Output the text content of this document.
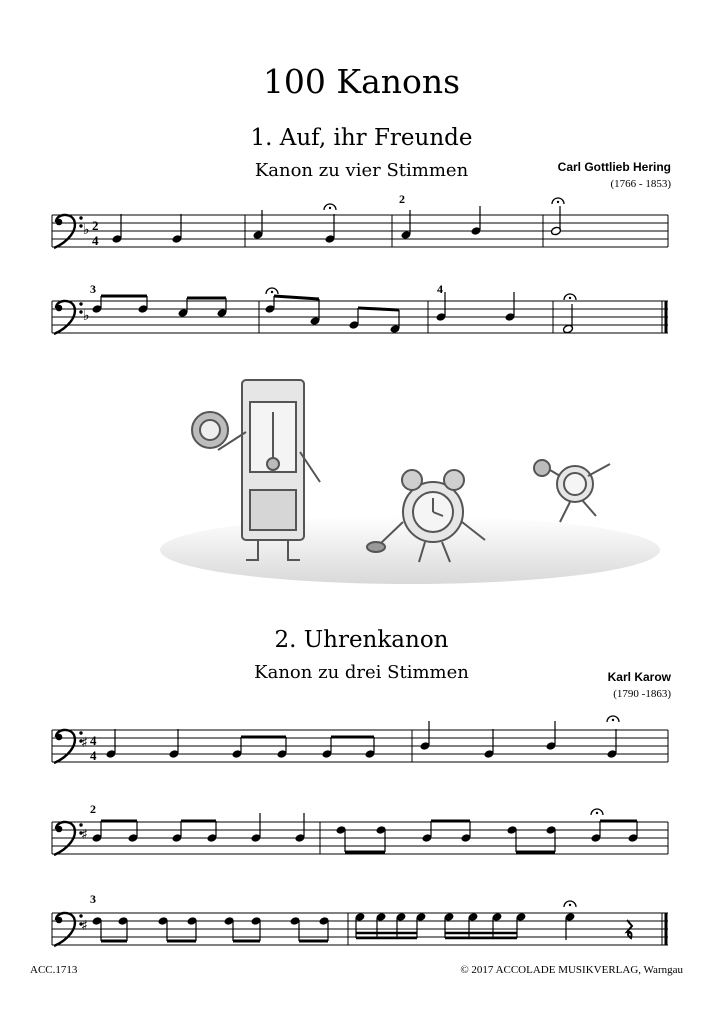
100 Kanons
1. Auf, ihr Freunde
Kanon zu vier Stimmen	Carl Gottlieb Hering
(1766 - 1853)
2. Uhrenkanon
Kanon zu drei Stimmen	Karl Karow
(1790 -1863)
ACC.1713	© 2017 ACCOLADE MUSIKVERLAG, Warngau
♭ 2
4
2
♭
3	4
♯ 4
4
♯
2
♯
3
